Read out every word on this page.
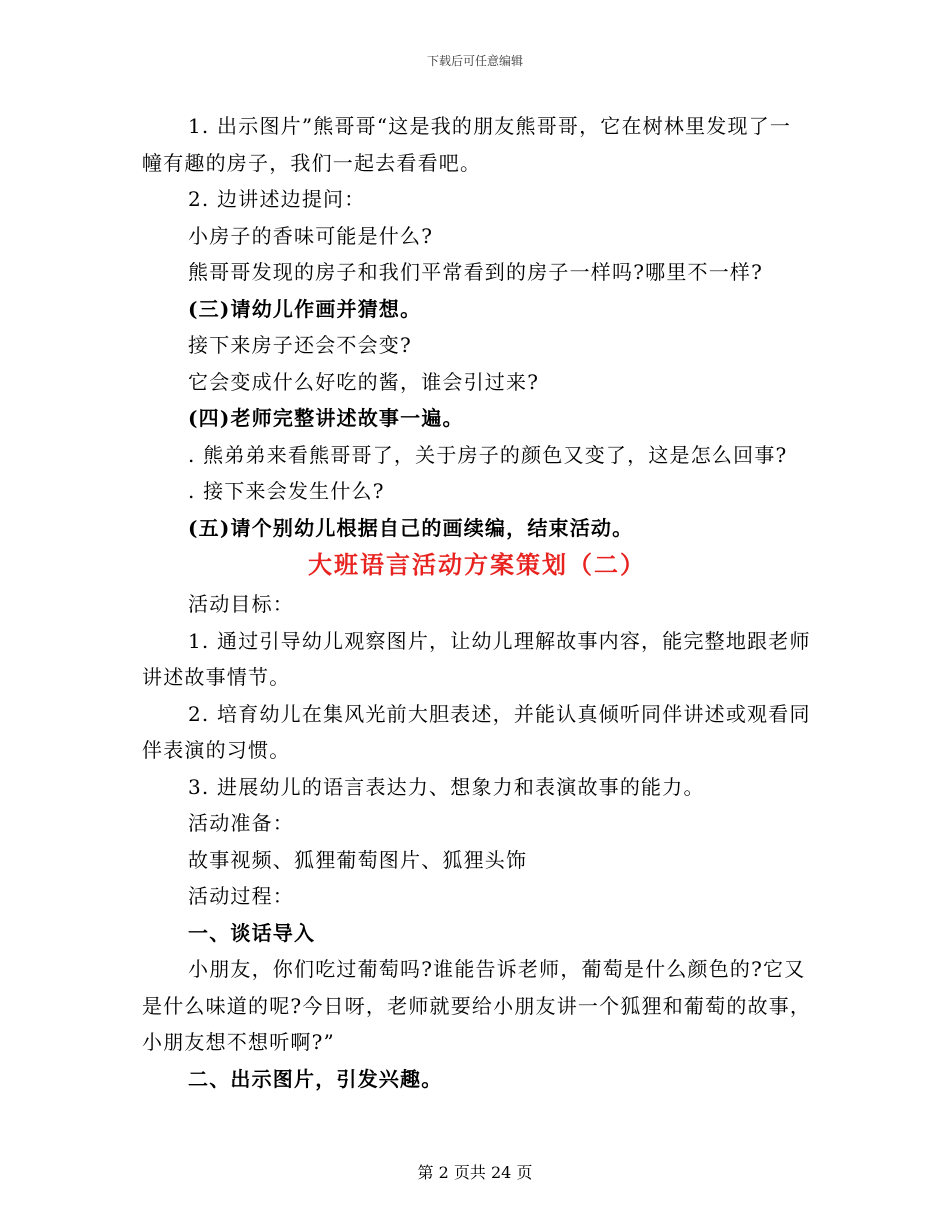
下载后可任意编辑

1. 出示图片”熊哥哥“这是我的朋友熊哥哥，它在树林里发现了一幢有趣的房子，我们一起去看看吧。

2. 边讲述边提问：

小房子的香味可能是什么?

熊哥哥发现的房子和我们平常看到的房子一样吗?哪里不一样?

(三)请幼儿作画并猜想。

接下来房子还会不会变?

它会变成什么好吃的酱，谁会引过来?

(四)老师完整讲述故事一遍。

. 熊弟弟来看熊哥哥了，关于房子的颜色又变了，这是怎么回事?

. 接下来会发生什么?

(五)请个别幼儿根据自己的画续编，结束活动。

大班语言活动方案策划（二）

活动目标：

1. 通过引导幼儿观察图片，让幼儿理解故事内容，能完整地跟老师讲述故事情节。

2. 培育幼儿在集风光前大胆表述，并能认真倾听同伴讲述或观看同伴表演的习惯。

3. 进展幼儿的语言表达力、想象力和表演故事的能力。

活动准备：

故事视频、狐狸葡萄图片、狐狸头饰

活动过程：

一、谈话导入

小朋友，你们吃过葡萄吗?谁能告诉老师，葡萄是什么颜色的?它又是什么味道的呢?今日呀，老师就要给小朋友讲一个狐狸和葡萄的故事，小朋友想不想听啊?”

二、出示图片，引发兴趣。

第 2 页共 24 页
